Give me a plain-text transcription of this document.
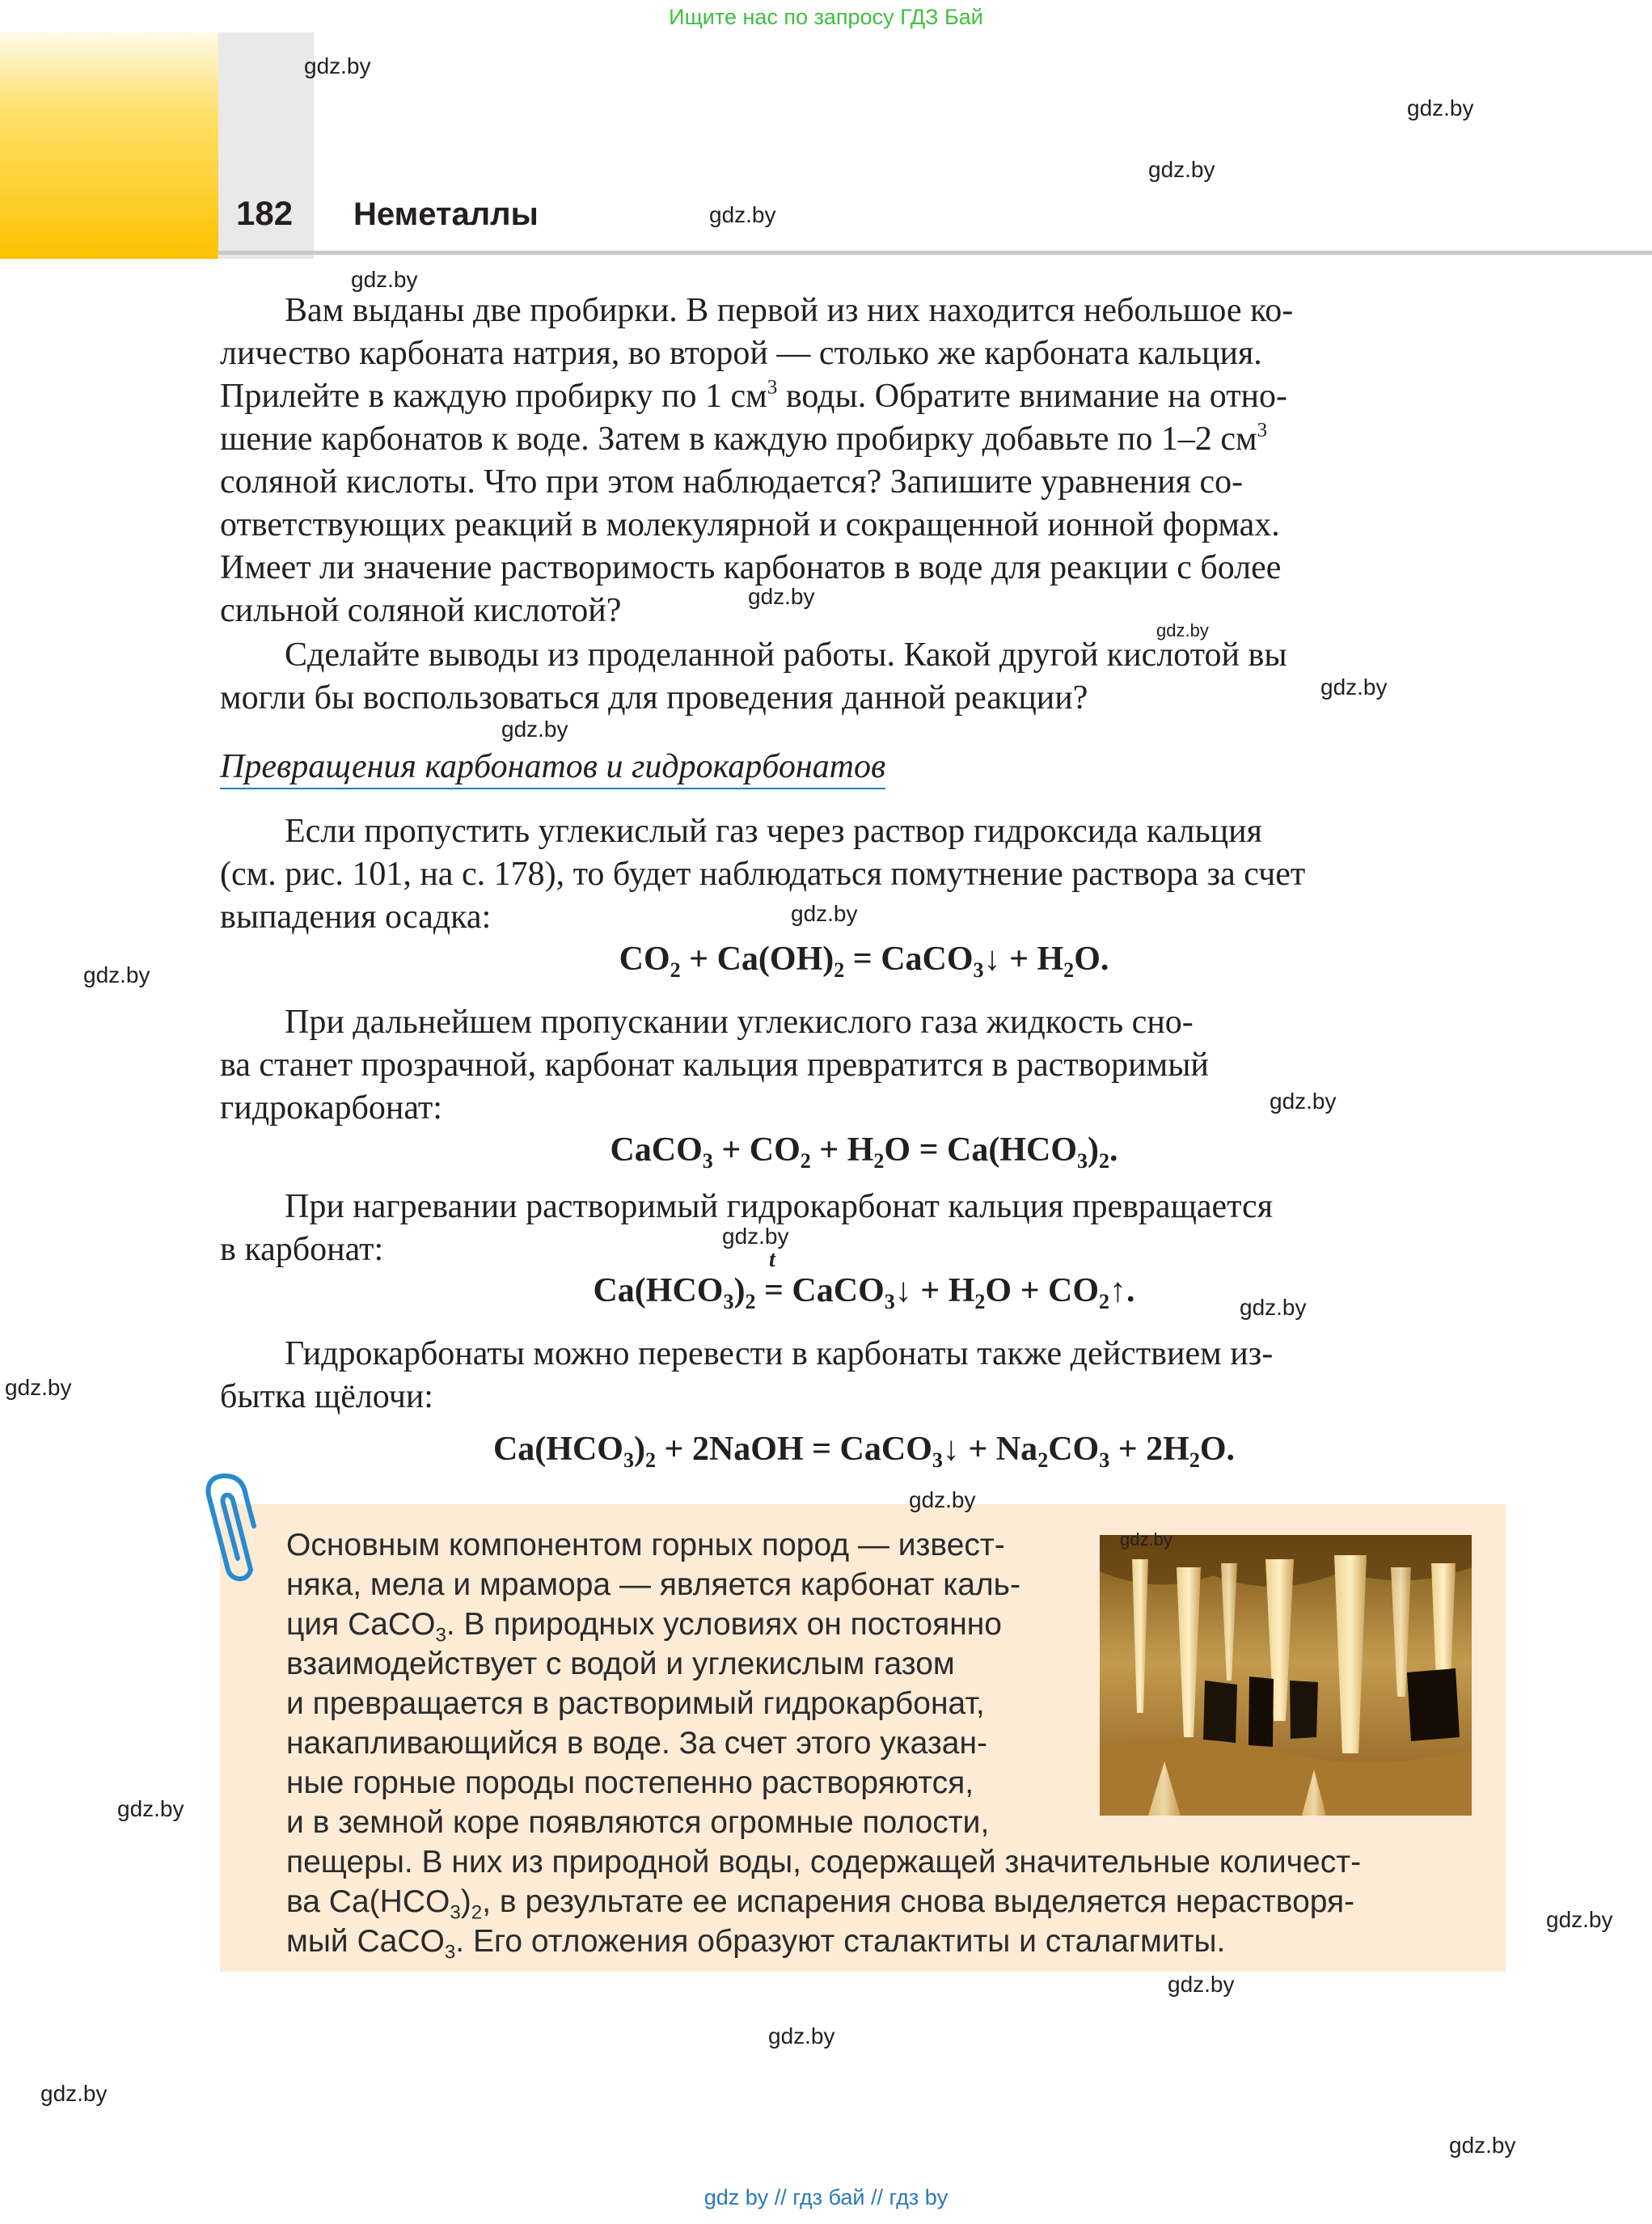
Ищите нас по запросу ГДЗ Бай
182 Неметаллы
Вам выданы две пробирки. В первой из них находится небольшое ко-
личество карбоната натрия, во второй — столько же карбоната кальция.
Прилейте в каждую пробирку по 1 $см^3$ воды. Обратите внимание на отно-
шение карбонатов к воде. Затем в каждую пробирку добавьте по 1–2 $см^3$
соляной кислоты. Что при этом наблюдается? Запишите уравнения со-
ответствующих реакций в молекулярной и сокращенной ионной формах.
Имеет ли значение растворимость карбонатов в воде для реакции с более
сильной соляной кислотой?
Сделайте выводы из проделанной работы. Какой другой кислотой вы
могли бы воспользоваться для проведения данной реакции?
Превращения карбонатов и гидрокарбонатов
Если пропустить углекислый газ через раствор гидроксида кальция
(см. рис. 101, на с. 178), то будет наблюдаться помутнение раствора за счет
выпадения осадка:
$CO_2 + Ca(OH)_2$ = CaCO$_3$↓ + $H_2O$.
При дальнейшем пропускании углекислого газа жидкость сно-
ва станет прозрачной, карбонат кальция превратится в растворимый
гидрокарбонат:
CaCO$_3$ + $CO_2 + H_2O = Ca(HCO_3)_2$.
При нагревании растворимый гидрокарбонат кальция превращается
в карбонат:
$Ca(HCO_3)_2$ =
t
CaCO$_3$↓ + $H_2O$ + $CO_2↑$.
Гидрокарбонаты можно перевести в карбонаты также действием из-
бытка щёлочи:
$Ca(HCO_3)_2$ + 2NaOH = CaCO$_3$↓ + $Na_2CO_3 + 2H_2O$.
Основным компонентом горных пород — извест-
няка, мела и мрамора — является карбонат каль-
ция CaCO$_3$. В природных условиях он постоянно
взаимодействует с водой и углекислым газом
и превращается в растворимый гидрокарбонат,
накапливающийся в воде. За счет этого указан-
ные горные породы постепенно растворяются,
и в земной коре появляются огромные полости,
пещеры. В них из природной воды, содержащей значительные количест-
ва $Ca(HCO_3)_2$, в результате ее испарения снова выделяется нерастворя-
мый CaCO$_3$. Его отложения образуют сталактиты и сталагмиты.
gdz.by
gdz.by
gdz.by
gdz.by
gdz.by
gdz.by
gdz.by
gdz.by
gdz.by
gdz.by
gdz.by
gdz.by
gdz.by
gdz.by
gdz.by
gdz.by
gdz.by
gdz.by
gdz.by
gdz.by
gdz.by
gdz.by
gdz.by
gdz by // гдз бай // гдз by
